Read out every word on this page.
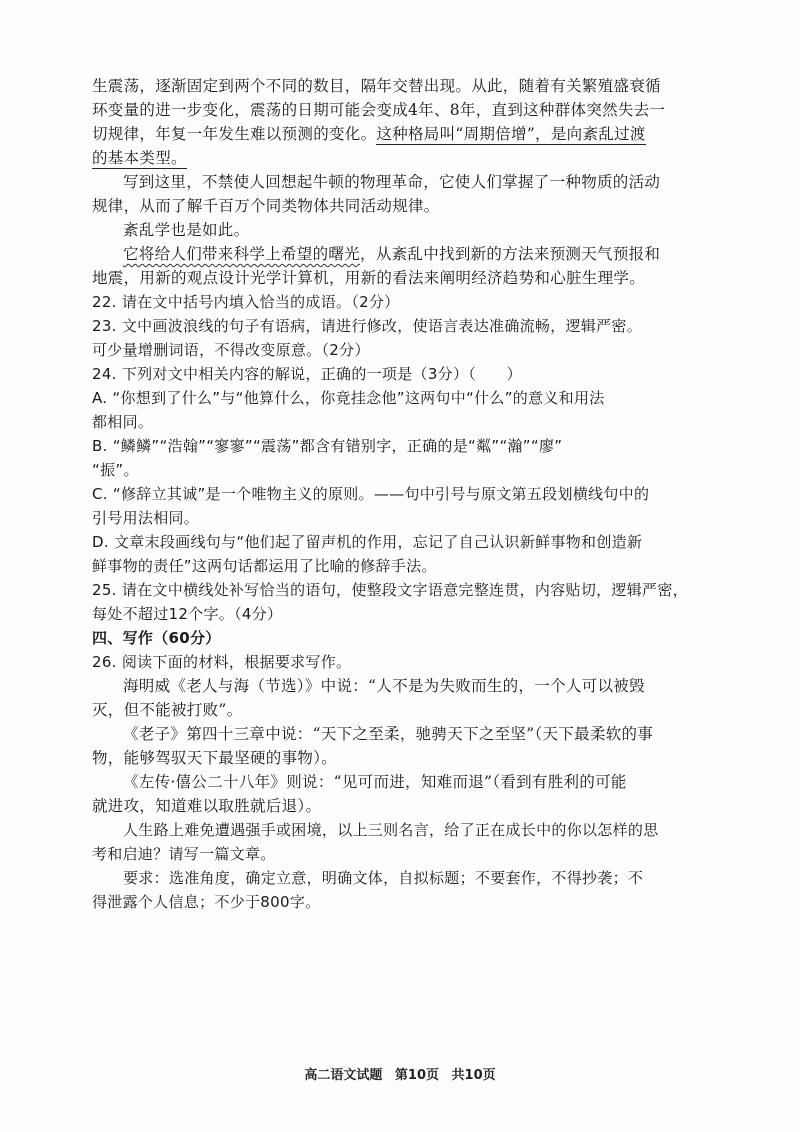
生震荡，逐渐固定到两个不同的数目，隔年交替出现。从此，随着有关繁殖盛衰循
环变量的进一步变化，震荡的日期可能会变成4年、8年，直到这种群体突然失去一
切规律，年复一年发生难以预测的变化。这种格局叫“周期倍增”，是向紊乱过渡
的基本类型。
写到这里，不禁使人回想起牛顿的物理革命，它使人们掌握了一种物质的活动
规律，从而了解千百万个同类物体共同活动规律。
紊乱学也是如此。
它将给人们带来科学上希望的曙光，从紊乱中找到新的方法来预测天气预报和
地震，用新的观点设计光学计算机，用新的看法来阐明经济趋势和心脏生理学。
22. 请在文中括号内填入恰当的成语。（2分）
23. 文中画波浪线的句子有语病，请进行修改，使语言表达准确流畅，逻辑严密。
可少量增删词语，不得改变原意。（2分）
24. 下列对文中相关内容的解说，正确的一项是（3分）（　　）
A. “你想到了什么”与“他算什么，你竟挂念他”这两句中“什么”的意义和用法
都相同。
B. “鳞鳞”“浩翰”“寥寥”“震荡”都含有错别字，正确的是“粼”“瀚”“廖”
“振”。
C. “修辞立其诚”是一个唯物主义的原则。——句中引号与原文第五段划横线句中的
引号用法相同。
D. 文章末段画线句与“他们起了留声机的作用，忘记了自己认识新鲜事物和创造新
鲜事物的责任”这两句话都运用了比喻的修辞手法。
25. 请在文中横线处补写恰当的语句，使整段文字语意完整连贯，内容贴切，逻辑严密，
每处不超过12个字。（4分）
四、写作（60分）
26. 阅读下面的材料，根据要求写作。
海明威《老人与海（节选）》中说：“人不是为失败而生的，一个人可以被毁
灭，但不能被打败”。
《老子》第四十三章中说：“天下之至柔，驰骋天下之至坚”（天下最柔软的事
物，能够驾驭天下最坚硬的事物）。
《左传·僖公二十八年》则说：“见可而进，知难而退”（看到有胜利的可能
就进攻，知道难以取胜就后退）。
人生路上难免遭遇强手或困境，以上三则名言，给了正在成长中的你以怎样的思
考和启迪？请写一篇文章。
要求：选准角度，确定立意，明确文体，自拟标题；不要套作，不得抄袭；不
得泄露个人信息；不少于800字。
高二语文试题 第10页 共10页
